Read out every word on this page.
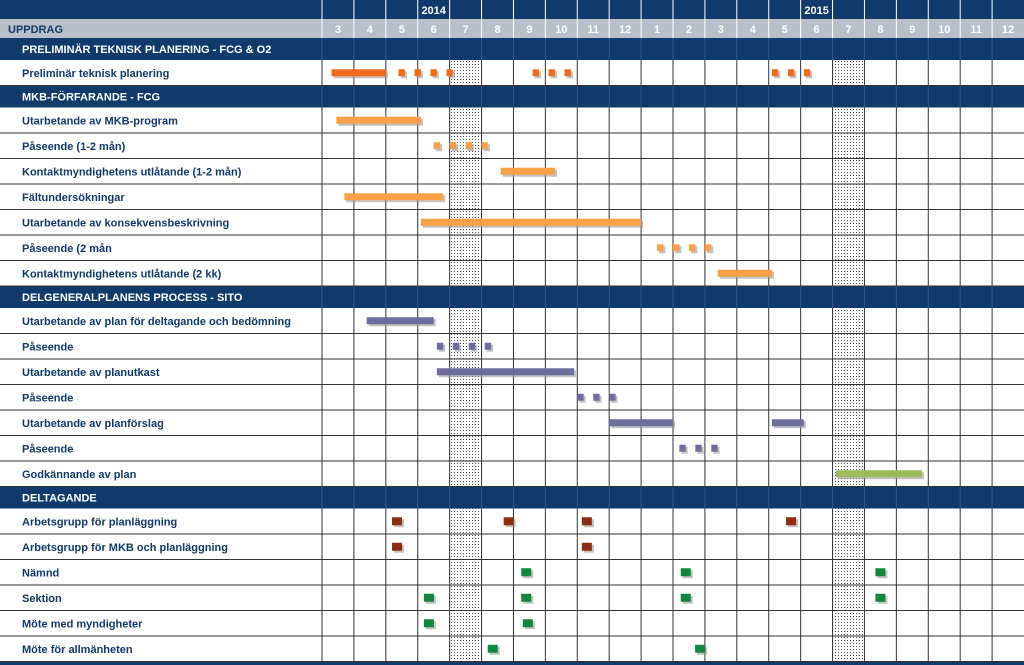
UPPDRAG
2014	2015
3 4 5 6 7 8 9 10 11 12 1 2 3 4 5 6 7 8 9 10 11 12
PRELIMINÄR TEKNISK PLANERING - FCG & O2
Preliminär teknisk planering
MKB-FÖRFARANDE - FCG
Utarbetande av MKB-program
Påseende (1-2 mån)
Kontaktmyndighetens utlåtande (1-2 mån)
Fältundersökningar
Utarbetande av konsekvensbeskrivning
Påseende (2 mån
Kontaktmyndighetens utlåtande (2 kk)
DELGENERALPLANENS PROCESS - SITO
Utarbetande av plan för deltagande och bedömning
Påseende
Utarbetande av planutkast
Påseende
Utarbetande av planförslag
Påseende
Godkännande av plan
DELTAGANDE
Arbetsgrupp för planläggning
Arbetsgrupp för MKB och planläggning
Nämnd
Sektion
Möte med myndigheter
Möte för allmänheten
